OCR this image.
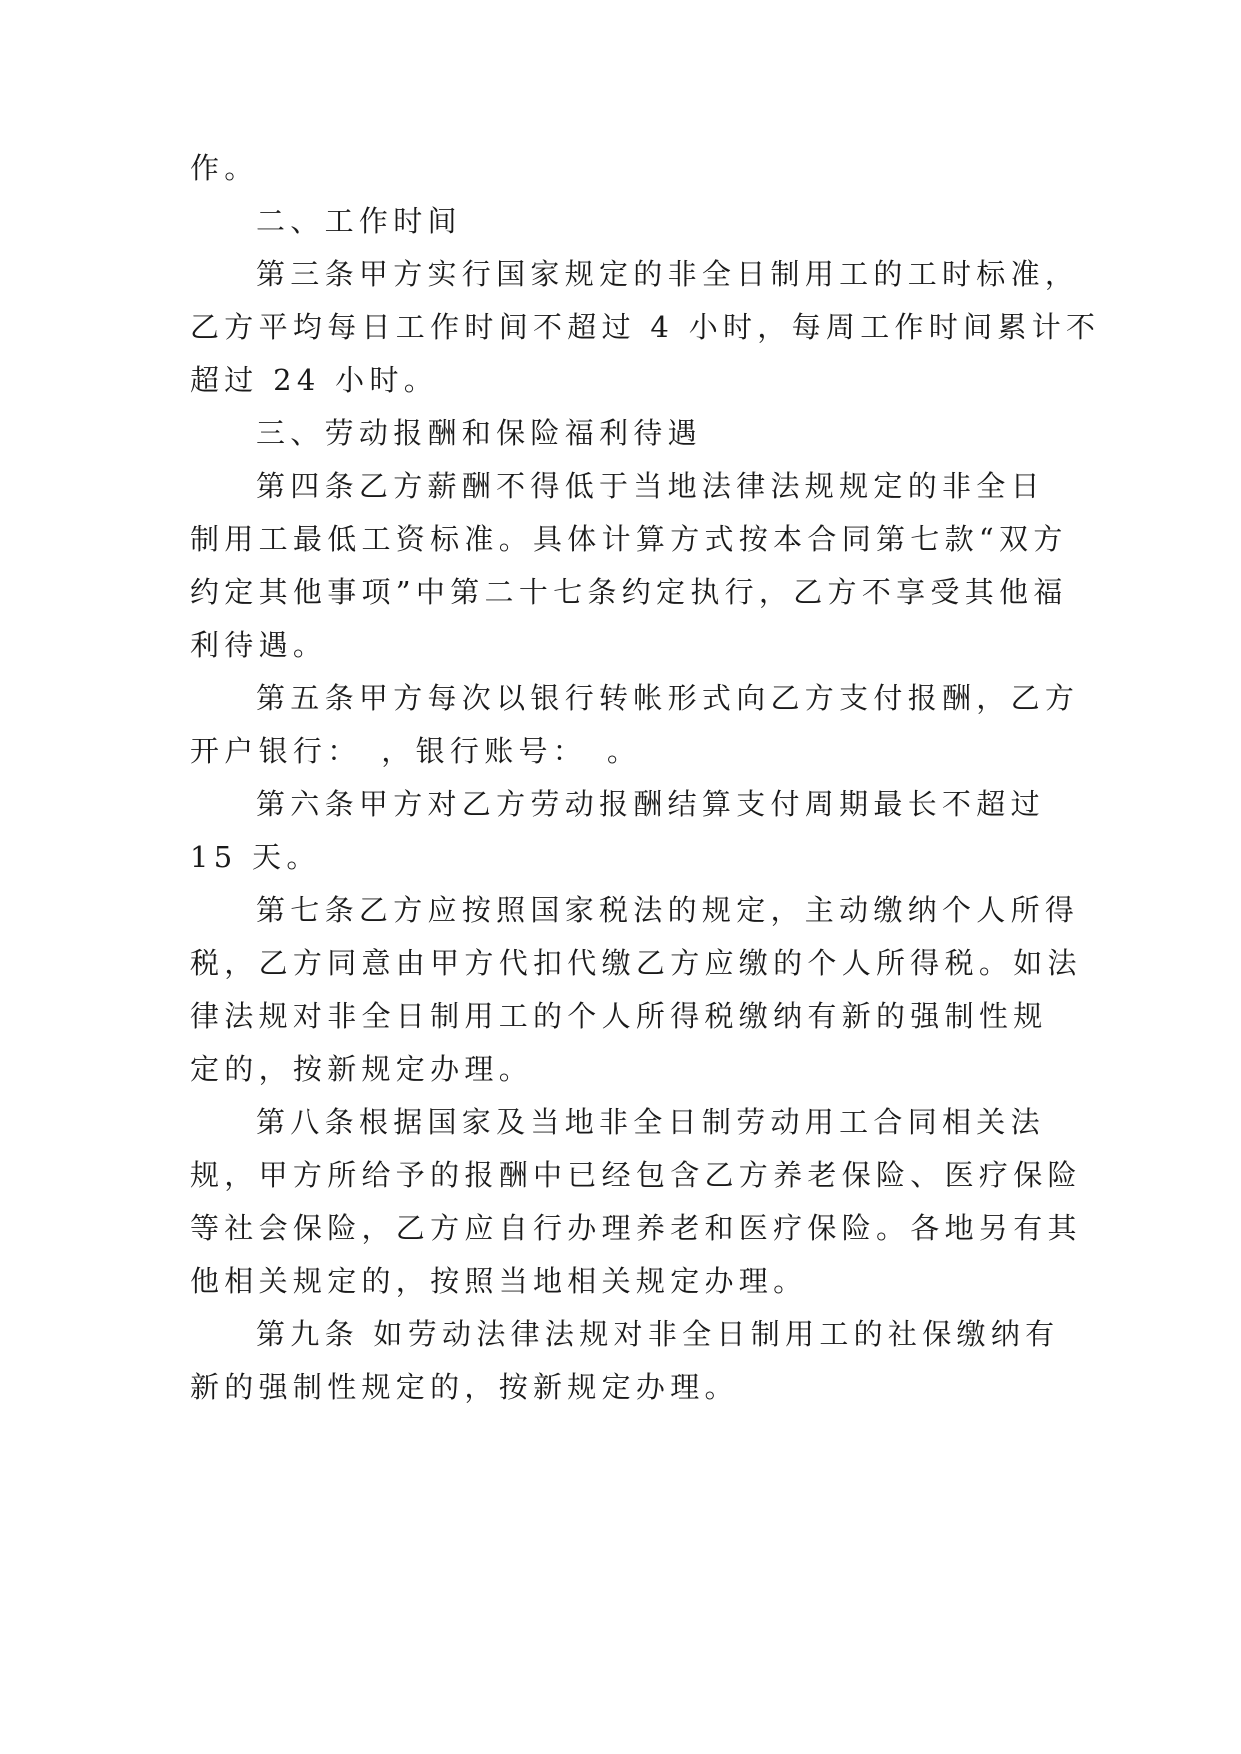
作。
二、工作时间
第三条甲方实行国家规定的非全日制用工的工时标准，
乙方平均每日工作时间不超过 4 小时，每周工作时间累计不
超过 24 小时。
三、劳动报酬和保险福利待遇
第四条乙方薪酬不得低于当地法律法规规定的非全日
制用工最低工资标准。具体计算方式按本合同第七款“双方
约定其他事项”中第二十七条约定执行，乙方不享受其他福
利待遇。
第五条甲方每次以银行转帐形式向乙方支付报酬，乙方
开户银行：　，银行账号：　。
第六条甲方对乙方劳动报酬结算支付周期最长不超过
15 天。
第七条乙方应按照国家税法的规定，主动缴纳个人所得
税，乙方同意由甲方代扣代缴乙方应缴的个人所得税。如法
律法规对非全日制用工的个人所得税缴纳有新的强制性规
定的，按新规定办理。
第八条根据国家及当地非全日制劳动用工合同相关法
规，甲方所给予的报酬中已经包含乙方养老保险、医疗保险
等社会保险，乙方应自行办理养老和医疗保险。各地另有其
他相关规定的，按照当地相关规定办理。
第九条 如劳动法律法规对非全日制用工的社保缴纳有
新的强制性规定的，按新规定办理。
